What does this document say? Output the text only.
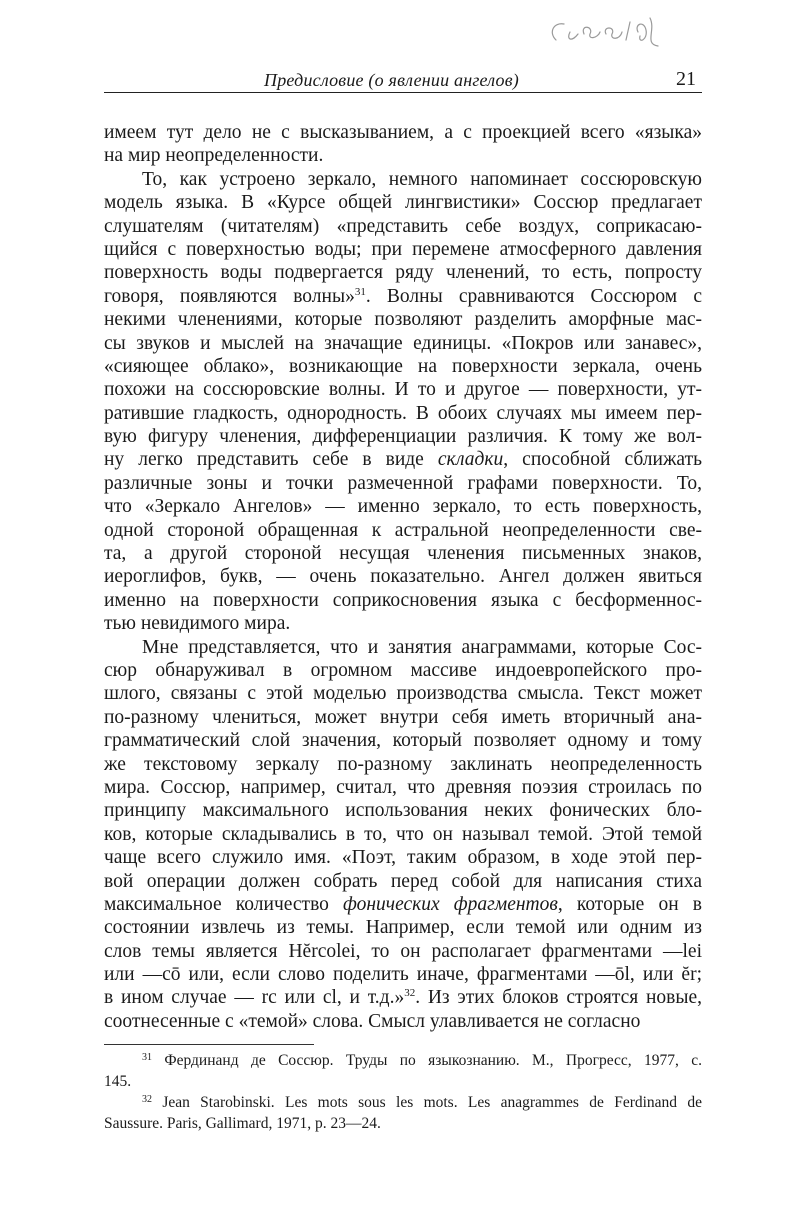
Предисловие (о явлении ангелов)	21
имеем тут дело не с высказыванием, а с проекцией всего «языка»
на мир неопределенности.
То, как устроено зеркало, немного напоминает соссюровскую
модель языка. В «Курсе общей лингвистики» Соссюр предлагает
слушателям (читателям) «представить себе воздух, соприкасаю-
щийся с поверхностью воды; при перемене атмосферного давления
поверхность воды подвергается ряду членений, то есть, попросту
говоря, появляются волны»$^{31}$. Волны сравниваются Соссюром с
некими членениями, которые позволяют разделить аморфные мас-
сы звуков и мыслей на значащие единицы. «Покров или занавес»,
«сияющее облако», возникающие на поверхности зеркала, очень
похожи на соссюровские волны. И то и другое — поверхности, ут-
ратившие гладкость, однородность. В обоих случаях мы имеем пер-
вую фигуру членения, дифференциации различия. К тому же вол-
ну легко представить себе в виде складки, способной сближать
различные зоны и точки размеченной графами поверхности. То,
что «Зеркало Ангелов» — именно зеркало, то есть поверхность,
одной стороной обращенная к астральной неопределенности све-
та, а другой стороной несущая членения письменных знаков,
иероглифов, букв, — очень показательно. Ангел должен явиться
именно на поверхности соприкосновения языка с бесформеннос-
тью невидимого мира.
Мне представляется, что и занятия анаграммами, которые Сос-
сюр обнаруживал в огромном массиве индоевропейского про-
шлого, связаны с этой моделью производства смысла. Текст может
по-разному члениться, может внутри себя иметь вторичный ана-
грамматический слой значения, который позволяет одному и тому
же текстовому зеркалу по-разному заклинать неопределенность
мира. Соссюр, например, считал, что древняя поэзия строилась по
принципу максимального использования неких фонических бло-
ков, которые складывались в то, что он называл темой. Этой темой
чаще всего служило имя. «Поэт, таким образом, в ходе этой пер-
вой операции должен собрать перед собой для написания стиха
максимальное количество фонических фрагментов, которые он в
состоянии извлечь из темы. Например, если темой или одним из
слов темы является Hĕrcolei, то он располагает фрагментами —lei
или —cō или, если слово поделить иначе, фрагментами —ōl, или ĕr;
в ином случае — rc или cl, и т.д.»$^{32}$. Из этих блоков строятся новые,
соотнесенные с «темой» слова. Смысл улавливается не согласно
$^{31}$ Фердинанд де Соссюр. Труды по языкознанию. М., Прогресс, 1977, с.
145.
$^{32}$ Jean Starobinski. Les mots sous les mots. Les anagrammes de Ferdinand de
Saussure. Paris, Gallimard, 1971, p. 23—24.
